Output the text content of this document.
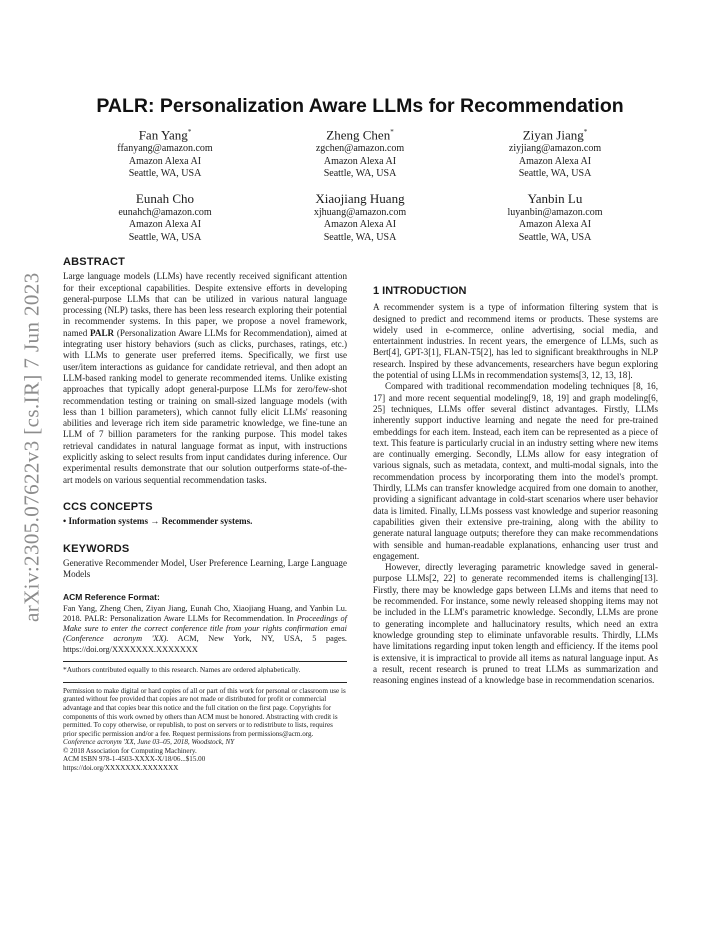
arXiv:2305.07622v3 [cs.IR] 7 Jun 2023
PALR: Personalization Aware LLMs for Recommendation
Fan Yang*
ffanyang@amazon.com
Amazon Alexa AI
Seattle, WA, USA
Zheng Chen*
zgchen@amazon.com
Amazon Alexa AI
Seattle, WA, USA
Ziyan Jiang*
ziyjiang@amazon.com
Amazon Alexa AI
Seattle, WA, USA
Eunah Cho
eunahch@amazon.com
Amazon Alexa AI
Seattle, WA, USA
Xiaojiang Huang
xjhuang@amazon.com
Amazon Alexa AI
Seattle, WA, USA
Yanbin Lu
luyanbin@amazon.com
Amazon Alexa AI
Seattle, WA, USA
ABSTRACT

Large language models (LLMs) have recently received significant attention for their exceptional capabilities. Despite extensive efforts in developing general-purpose LLMs that can be utilized in various natural language processing (NLP) tasks, there has been less research exploring their potential in recommender systems. In this paper, we propose a novel framework, named PALR (Personalization Aware LLMs for Recommendation), aimed at integrating user history behaviors (such as clicks, purchases, ratings, etc.) with LLMs to generate user preferred items. Specifically, we first use user/item interactions as guidance for candidate retrieval, and then adopt an LLM-based ranking model to generate recommended items. Unlike existing approaches that typically adopt general-purpose LLMs for zero/few-shot recommendation testing or training on small-sized language models (with less than 1 billion parameters), which cannot fully elicit LLMs' reasoning abilities and leverage rich item side parametric knowledge, we fine-tune an LLM of 7 billion parameters for the ranking purpose. This model takes retrieval candidates in natural language format as input, with instructions explicitly asking to select results from input candidates during inference. Our experimental results demonstrate that our solution outperforms state-of-the-art models on various sequential recommendation tasks.

CCS CONCEPTS

• Information systems → Recommender systems.

KEYWORDS

Generative Recommender Model, User Preference Learning, Large Language Models

ACM Reference Format:

Fan Yang, Zheng Chen, Ziyan Jiang, Eunah Cho, Xiaojiang Huang, and Yanbin Lu. 2018. PALR: Personalization Aware LLMs for Recommendation. In Proceedings of Make sure to enter the correct conference title from your rights confirmation emai (Conference acronym 'XX). ACM, New York, NY, USA, 5 pages. https://doi.org/XXXXXXX.XXXXXXX

*Authors contributed equally to this research. Names are ordered alphabetically.

Permission to make digital or hard copies of all or part of this work for personal or classroom use is granted without fee provided that copies are not made or distributed for profit or commercial advantage and that copies bear this notice and the full citation on the first page. Copyrights for components of this work owned by others than ACM must be honored. Abstracting with credit is permitted. To copy otherwise, or republish, to post on servers or to redistribute to lists, requires prior specific permission and/or a fee. Request permissions from permissions@acm.org.

Conference acronym 'XX, June 03–05, 2018, Woodstock, NY

© 2018 Association for Computing Machinery.

ACM ISBN 978-1-4503-XXXX-X/18/06...$15.00

https://doi.org/XXXXXXX.XXXXXXX

1 INTRODUCTION

A recommender system is a type of information filtering system that is designed to predict and recommend items or products. These systems are widely used in e-commerce, online advertising, social media, and entertainment industries. In recent years, the emergence of LLMs, such as Bert[4], GPT-3[1], FLAN-T5[2], has led to significant breakthroughs in NLP research. Inspired by these advancements, researchers have begun exploring the potential of using LLMs in recommendation systems[3, 12, 13, 18].

Compared with traditional recommendation modeling techniques [8, 16, 17] and more recent sequential modeling[9, 18, 19] and graph modeling[6, 25] techniques, LLMs offer several distinct advantages. Firstly, LLMs inherently support inductive learning and negate the need for pre-trained embeddings for each item. Instead, each item can be represented as a piece of text. This feature is particularly crucial in an industry setting where new items are continually emerging. Secondly, LLMs allow for easy integration of various signals, such as metadata, context, and multi-modal signals, into the recommendation process by incorporating them into the model's prompt. Thirdly, LLMs can transfer knowledge acquired from one domain to another, providing a significant advantage in cold-start scenarios where user behavior data is limited. Finally, LLMs possess vast knowledge and superior reasoning capabilities given their extensive pre-training, along with the ability to generate natural language outputs; therefore they can make recommendations with sensible and human-readable explanations, enhancing user trust and engagement.

However, directly leveraging parametric knowledge saved in general-purpose LLMs[2, 22] to generate recommended items is challenging[13]. Firstly, there may be knowledge gaps between LLMs and items that need to be recommended. For instance, some newly released shopping items may not be included in the LLM's parametric knowledge. Secondly, LLMs are prone to generating incomplete and hallucinatory results, which need an extra knowledge grounding step to eliminate unfavorable results. Thirdly, LLMs have limitations regarding input token length and efficiency. If the items pool is extensive, it is impractical to provide all items as natural language input. As a result, recent research is pruned to treat LLMs as summarization and reasoning engines instead of a knowledge base in recommendation scenarios.
